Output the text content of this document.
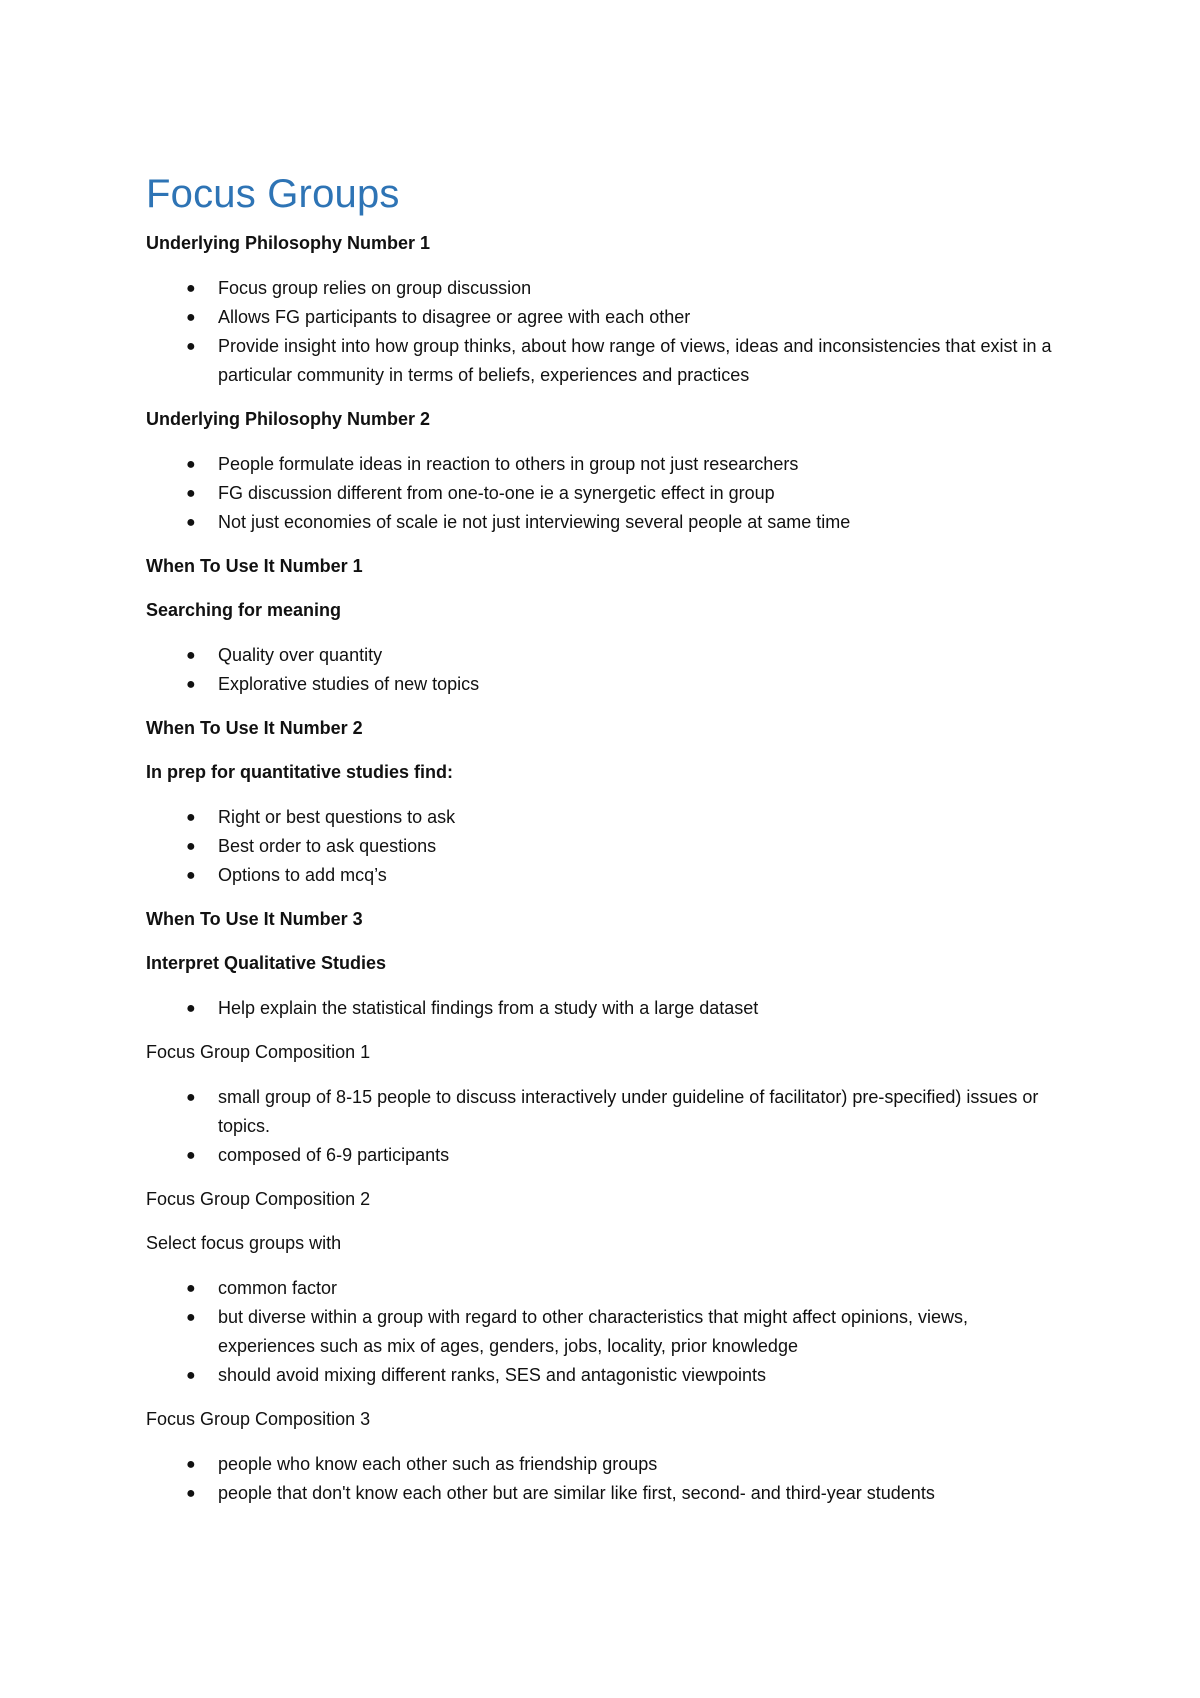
Focus Groups
Underlying Philosophy Number 1
● Focus group relies on group discussion
● Allows FG participants to disagree or agree with each other
● Provide insight into how group thinks, about how range of views, ideas and inconsistencies that exist in a particular community in terms of beliefs, experiences and practices
Underlying Philosophy Number 2
● People formulate ideas in reaction to others in group not just researchers
● FG discussion different from one-to-one ie a synergetic effect in group
● Not just economies of scale ie not just interviewing several people at same time
When To Use It Number 1
Searching for meaning
● Quality over quantity
● Explorative studies of new topics
When To Use It Number 2
In prep for quantitative studies find:
● Right or best questions to ask
● Best order to ask questions
● Options to add mcq’s
When To Use It Number 3
Interpret Qualitative Studies
● Help explain the statistical findings from a study with a large dataset
Focus Group Composition 1
● small group of 8-15 people to discuss interactively under guideline of facilitator) pre-specified) issues or topics.
● composed of 6-9 participants
Focus Group Composition 2
Select focus groups with
● common factor
● but diverse within a group with regard to other characteristics that might affect opinions, views, experiences such as mix of ages, genders, jobs, locality, prior knowledge
● should avoid mixing different ranks, SES and antagonistic viewpoints
Focus Group Composition 3
● people who know each other such as friendship groups
● people that don't know each other but are similar like first, second- and third-year students
